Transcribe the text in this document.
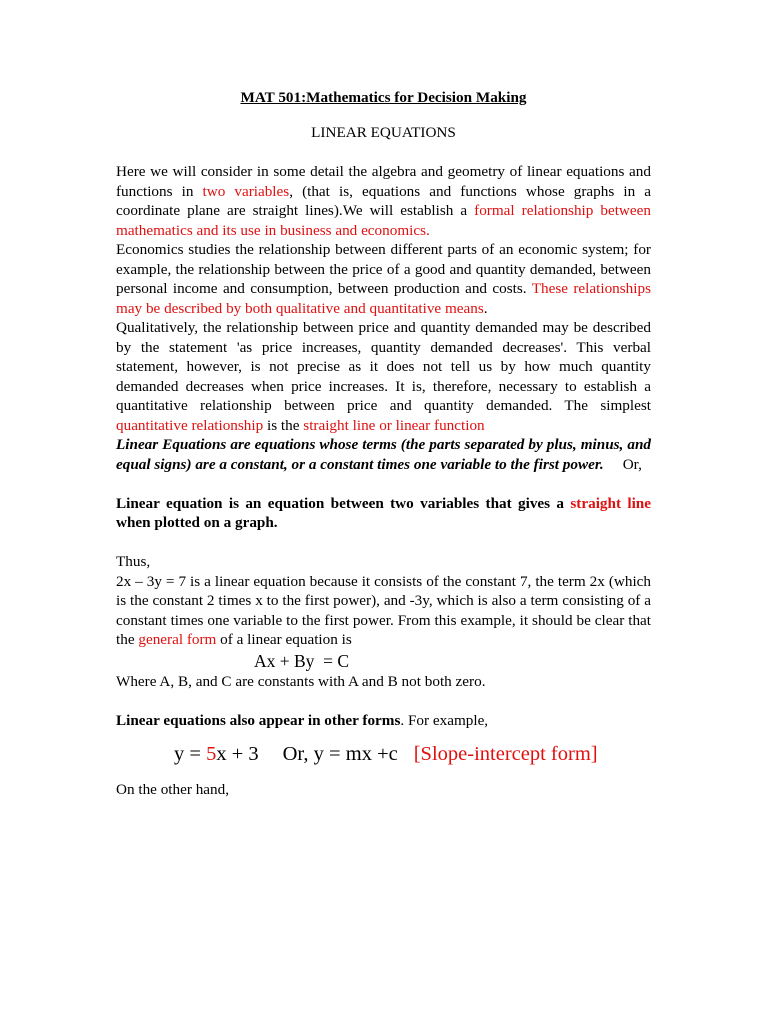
MAT 501:Mathematics for Decision Making
LINEAR EQUATIONS

Here we will consider in some detail the algebra and geometry of linear equations and functions in two variables, (that is, equations and functions whose graphs in a coordinate plane are straight lines).We will establish a formal relationship between mathematics and its use in business and economics.

Economics studies the relationship between different parts of an economic system; for example, the relationship between the price of a good and quantity demanded, between personal income and consumption, between production and costs. These relationships may be described by both qualitative and quantitative means.

Qualitatively, the relationship between price and quantity demanded may be described by the statement 'as price increases, quantity demanded decreases'. This verbal statement, however, is not precise as it does not tell us by how much quantity demanded decreases when price increases. It is, therefore, necessary to establish a quantitative relationship between price and quantity demanded. The simplest quantitative relationship is the straight line or linear function

Linear Equations are equations whose terms (the parts separated by plus, minus, and equal signs) are a constant, or a constant times one variable to the first power.     Or,

Linear equation is an equation between two variables that gives a straight line when plotted on a graph.

Thus,

2x – 3y = 7 is a linear equation because it consists of the constant 7, the term 2x (which is the constant 2 times x to the first power), and -3y, which is also a term consisting of a constant times one variable to the first power. From this example, it should be clear that the general form of a linear equation is

Ax + By  = C

Where A, B, and C are constants with A and B not both zero.

Linear equations also appear in other forms. For example,

y = 5x + 3 Or, y = mx +c [Slope-intercept form]

On the other hand,
